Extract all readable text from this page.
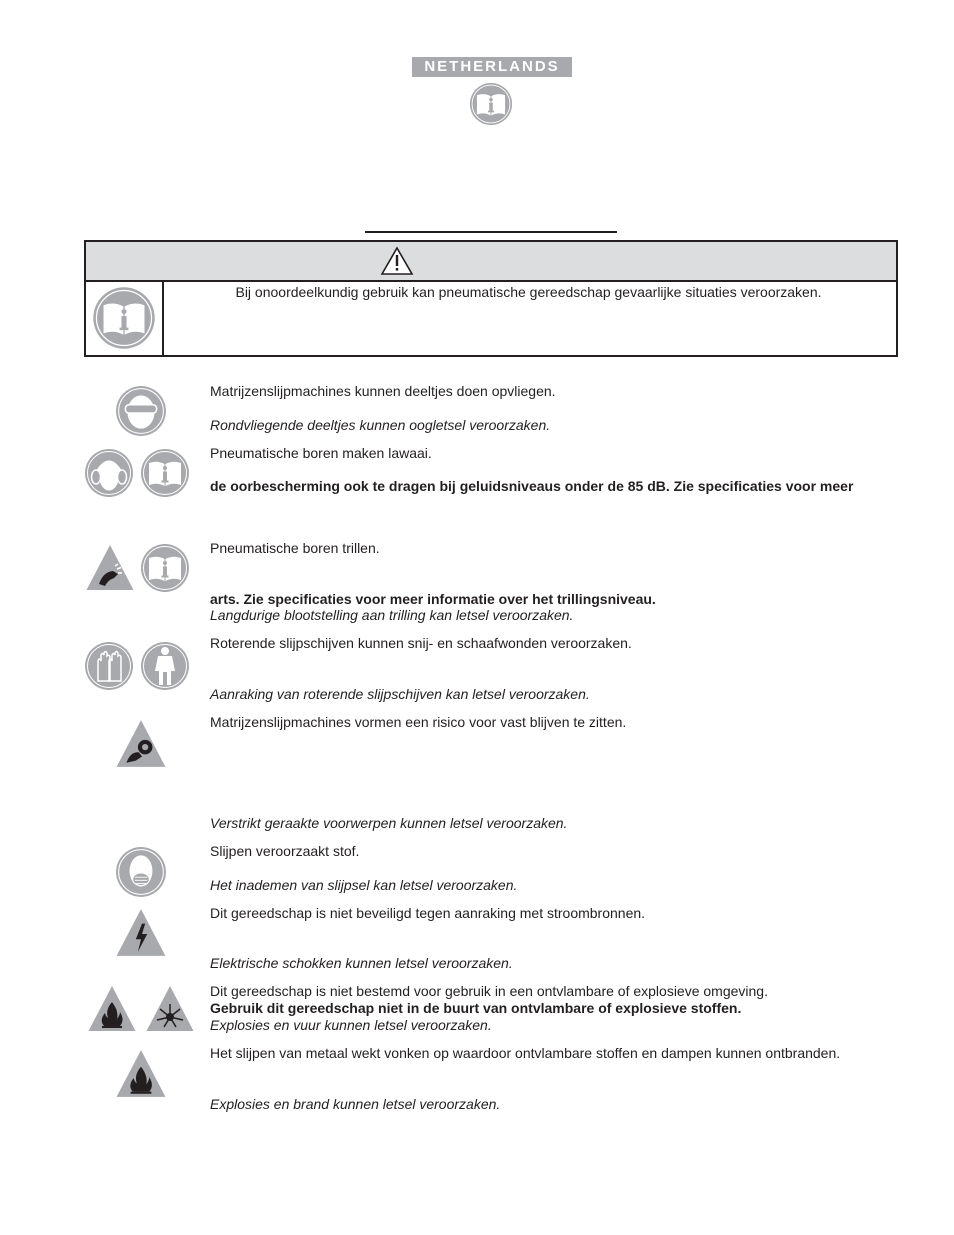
NETHERLANDS
Bij onoordeelkundig gebruik kan pneumatische gereedschap gevaarlijke situaties veroorzaken.
Matrijzenslijpmachines kunnen deeltjes doen opvliegen.
Rondvliegende deeltjes kunnen oogletsel veroorzaken.
Pneumatische boren maken lawaai.
de oorbescherming ook te dragen bij geluidsniveaus onder de 85 dB. Zie specificaties voor meer
Pneumatische boren trillen.
arts. Zie specificaties voor meer informatie over het trillingsniveau.
Langdurige blootstelling aan trilling kan letsel veroorzaken.
Roterende slijpschijven kunnen snij- en schaafwonden veroorzaken.
Aanraking van roterende slijpschijven kan letsel veroorzaken.
Matrijzenslijpmachines vormen een risico voor vast blijven te zitten.
Verstrikt geraakte voorwerpen kunnen letsel veroorzaken.
Slijpen veroorzaakt stof.
Het inademen van slijpsel kan letsel veroorzaken.
Dit gereedschap is niet beveiligd tegen aanraking met stroombronnen.
Elektrische schokken kunnen letsel veroorzaken.
Dit gereedschap is niet bestemd voor gebruik in een ontvlambare of explosieve omgeving.
Gebruik dit gereedschap niet in de buurt van ontvlambare of explosieve stoffen.
Explosies en vuur kunnen letsel veroorzaken.
Het slijpen van metaal wekt vonken op waardoor ontvlambare stoffen en dampen kunnen ontbranden.
Explosies en brand kunnen letsel veroorzaken.
